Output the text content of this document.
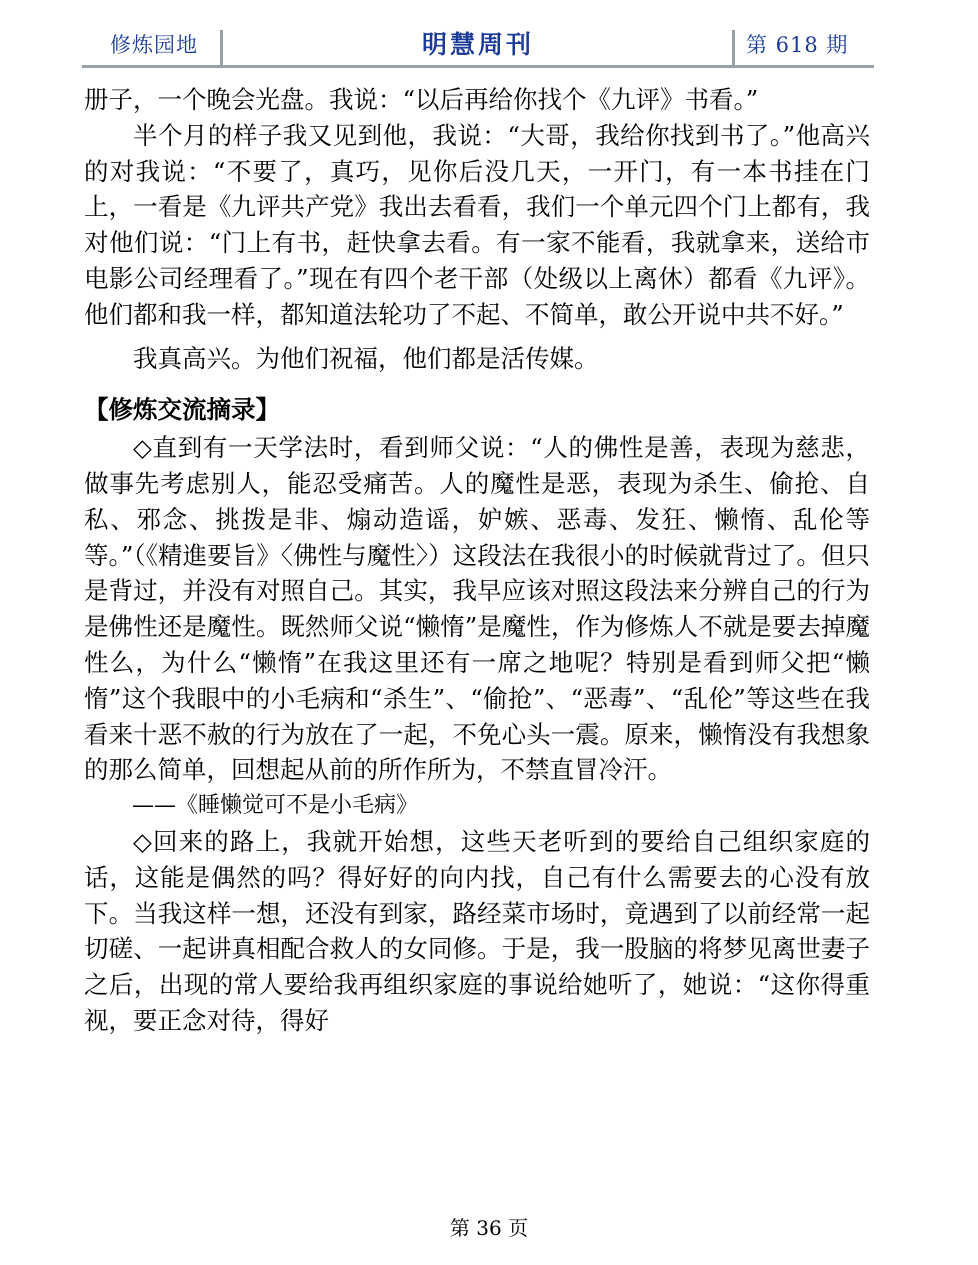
修炼园地	明慧周刊	第 618 期

册子，一个晚会光盘。我说：“以后再给你找个《九评》书看。”

半个月的样子我又见到他，我说：“大哥，我给你找到书了。”他高兴的对我说：“不要了，真巧，见你后没几天，一开门，有一本书挂在门上，一看是《九评共产党》我出去看看，我们一个单元四个门上都有，我对他们说：“门上有书，赶快拿去看。有一家不能看，我就拿来，送给市电影公司经理看了。”现在有四个老干部（处级以上离休）都看《九评》。他们都和我一样，都知道法轮功了不起、不简单，敢公开说中共不好。”

我真高兴。为他们祝福，他们都是活传媒。

【修炼交流摘录】

◇直到有一天学法时，看到师父说：“人的佛性是善，表现为慈悲，做事先考虑别人，能忍受痛苦。人的魔性是恶，表现为杀生、偷抢、自私、邪念、挑拨是非、煽动造谣，妒嫉、恶毒、发狂、懒惰、乱伦等等。”（《精進要旨》〈佛性与魔性〉）这段法在我很小的时候就背过了。但只是背过，并没有对照自己。其实，我早应该对照这段法来分辨自己的行为是佛性还是魔性。既然师父说“懒惰”是魔性，作为修炼人不就是要去掉魔性么，为什么“懒惰”在我这里还有一席之地呢？特别是看到师父把“懒惰”这个我眼中的小毛病和“杀生”、“偷抢”、“恶毒”、“乱伦”等这些在我看来十恶不赦的行为放在了一起，不免心头一震。原来，懒惰没有我想象的那么简单，回想起从前的所作所为，不禁直冒冷汗。

——《睡懒觉可不是小毛病》

◇回来的路上，我就开始想，这些天老听到的要给自己组织家庭的话，这能是偶然的吗？得好好的向内找，自己有什么需要去的心没有放下。当我这样一想，还没有到家，路经菜市场时，竟遇到了以前经常一起切磋、一起讲真相配合救人的女同修。于是，我一股脑的将梦见离世妻子之后，出现的常人要给我再组织家庭的事说给她听了，她说：“这你得重视，要正念对待，得好

第 36 页
